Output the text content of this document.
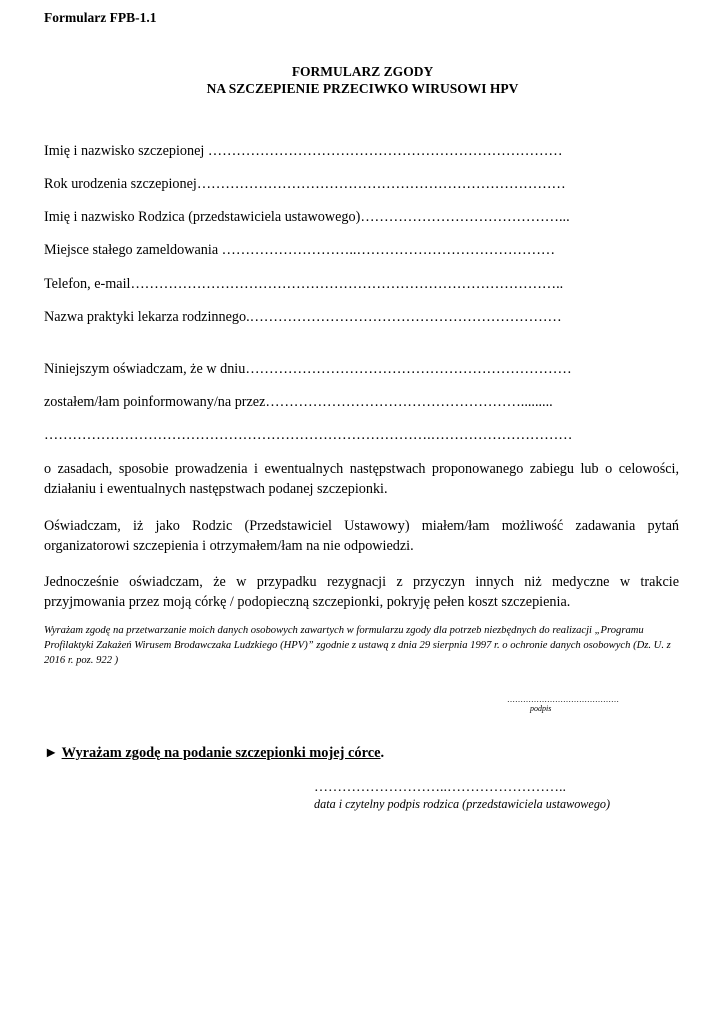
Formularz FPB-1.1
FORMULARZ ZGODY
NA SZCZEPIENIE PRZECIWKO WIRUSOWI HPV
Imię i nazwisko szczepionej …………………………………………………………………
Rok urodzenia szczepionej……………………………………………………………………
Imię i nazwisko Rodzica (przedstawiciela ustawowego)……………………………………...
Miejsce stałego zameldowania ………………………..……………………………………
Telefon, e-mail………………………………………………………………………………..
Nazwa praktyki lekarza rodzinnego.…………………………………………………………
Niniejszym oświadczam, że w dniu……………………………………………………………
zostałem/łam poinformowany/na przez……………………………………………….........
……………………………………………………………………….…………………………
o zasadach, sposobie prowadzenia i ewentualnych następstwach proponowanego zabiegu lub o celowości, działaniu i ewentualnych następstwach podanej szczepionki.
Oświadczam, iż jako Rodzic (Przedstawiciel Ustawowy) miałem/łam możliwość zadawania pytań organizatorowi szczepienia i otrzymałem/łam na nie odpowiedzi.
Jednocześnie oświadczam, że w przypadku rezygnacji z przyczyn innych niż medyczne w trakcie przyjmowania przez moją córkę / podopieczną szczepionki, pokryję pełen koszt szczepienia.
Wyrażam zgodę na przetwarzanie moich danych osobowych zawartych w formularzu zgody dla potrzeb niezbędnych do realizacji „Programu Profilaktyki Zakażeń Wirusem Brodawczaka Ludzkiego (HPV)” zgodnie z ustawą z dnia 29 sierpnia 1997 r. o ochronie danych osobowych (Dz. U. z 2016 r. poz. 922 )
……………………………………
podpis
► Wyrażam zgodę na podanie szczepionki mojej córce.
………………………..……………………..
data i czytelny podpis rodzica (przedstawiciela ustawowego)
